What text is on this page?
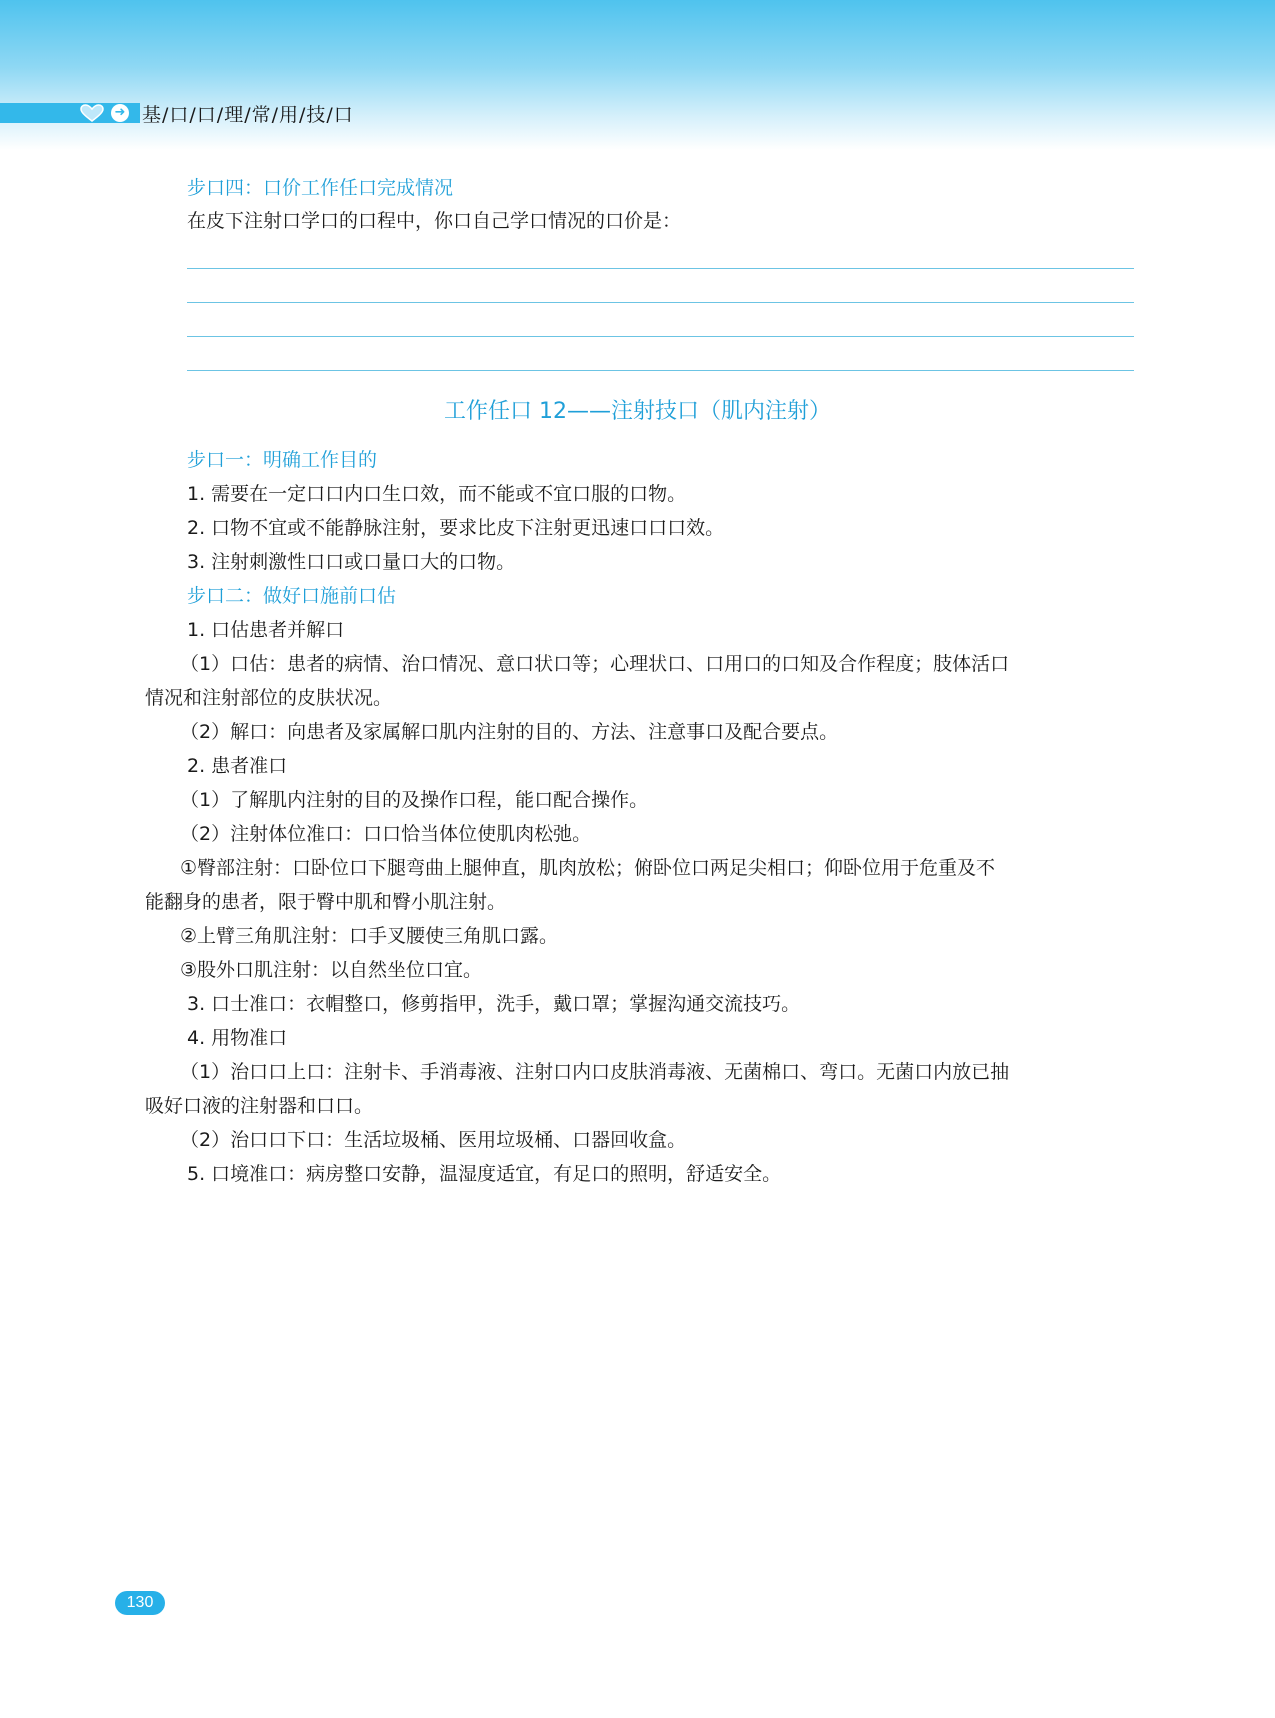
➜ 基/口/口/理/常/用/技/口
步口四：口价工作任口完成情况
在皮下注射口学口的口程中，你口自己学口情况的口价是：
工作任口 12——注射技口（肌内注射）
步口一：明确工作目的
1. 需要在一定口口内口生口效，而不能或不宜口服的口物。
2. 口物不宜或不能静脉注射，要求比皮下注射更迅速口口口效。
3. 注射刺激性口口或口量口大的口物。
步口二：做好口施前口估
1. 口估患者并解口
（1）口估：患者的病情、治口情况、意口状口等；心理状口、口用口的口知及合作程度；肢体活口
情况和注射部位的皮肤状况。
（2）解口：向患者及家属解口肌内注射的目的、方法、注意事口及配合要点。
2. 患者准口
（1）了解肌内注射的目的及操作口程，能口配合操作。
（2）注射体位准口：口口恰当体位使肌肉松弛。
①臀部注射：口卧位口下腿弯曲上腿伸直，肌肉放松；俯卧位口两足尖相口；仰卧位用于危重及不
能翻身的患者，限于臀中肌和臀小肌注射。
②上臂三角肌注射：口手叉腰使三角肌口露。
③股外口肌注射：以自然坐位口宜。
3. 口士准口：衣帽整口，修剪指甲，洗手，戴口罩；掌握沟通交流技巧。
4. 用物准口
（1）治口口上口：注射卡、手消毒液、注射口内口皮肤消毒液、无菌棉口、弯口。无菌口内放已抽
吸好口液的注射器和口口。
（2）治口口下口：生活垃圾桶、医用垃圾桶、口器回收盒。
5. 口境准口：病房整口安静，温湿度适宜，有足口的照明，舒适安全。
130
